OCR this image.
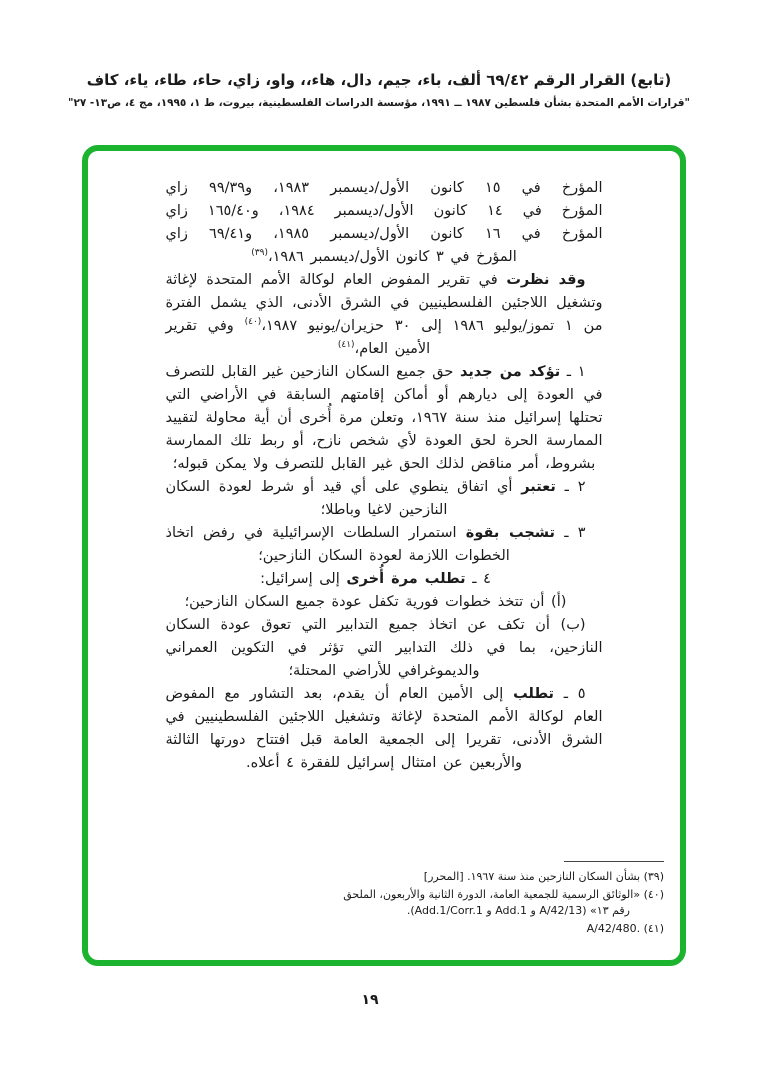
(تابع) القرار الرقم ٦٩/٤٢ ألف، باء، جيم، دال، هاء،، واو، زاي، حاء، طاء، ياء، كاف
"قرارات الأمم المتحدة بشأن فلسطين ١٩٨٧ ــ ١٩٩١، مؤسسة الدراسات الفلسطينية، بيروت، ط ١، ١٩٩٥، مج ٤، ص١٣- ٢٧"
المؤرخ في ١٥ كانون الأول/ديسمبر ١٩٨٣، و٩٩/٣٩ زاي
المؤرخ في ١٤ كانون الأول/ديسمبر ١٩٨٤، و١٦٥/٤٠ زاي
المؤرخ في ١٦ كانون الأول/ديسمبر ١٩٨٥، و٦٩/٤١ زاي
المؤرخ في ٣ كانون الأول/ديسمبر ١٩٨٦،$^{(٣٩)}$
وقد نظرت في تقرير المفوض العام لوكالة الأمم المتحدة لإغاثة وتشغيل اللاجئين الفلسطينيين في الشرق الأدنى، الذي يشمل الفترة من ١ تموز/يوليو ١٩٨٦ إلى ٣٠ حزيران/يونيو ١٩٨٧،$^{(٤٠)}$ وفي تقرير الأمين العام،$^{(٤١)}$
١ ـ تؤكد من جديد حق جميع السكان النازحين غير القابل للتصرف في العودة إلى ديارهم أو أماكن إقامتهم السابقة في الأراضي التي تحتلها إسرائيل منذ سنة ١٩٦٧، وتعلن مرة أُخرى أن أية محاولة لتقييد الممارسة الحرة لحق العودة لأي شخص نازح، أو ربط تلك الممارسة بشروط، أمر مناقض لذلك الحق غير القابل للتصرف ولا يمكن قبوله؛
٢ ـ تعتبر أي اتفاق ينطوي على أي قيد أو شرط لعودة السكان النازحين لاغيا وباطلا؛
٣ ـ تشجب بقوة استمرار السلطات الإسرائيلية في رفض اتخاذ الخطوات اللازمة لعودة السكان النازحين؛
٤ ـ تطلب مرة أُخرى إلى إسرائيل:
(أ) أن تتخذ خطوات فورية تكفل عودة جميع السكان النازحين؛
(ب) أن تكف عن اتخاذ جميع التدابير التي تعوق عودة السكان النازحين، بما في ذلك التدابير التي تؤثر في التكوين العمراني والديموغرافي للأراضي المحتلة؛
٥ ـ تطلب إلى الأمين العام أن يقدم، بعد التشاور مع المفوض العام لوكالة الأمم المتحدة لإغاثة وتشغيل اللاجئين الفلسطينيين في الشرق الأدنى، تقريرا إلى الجمعية العامة قبل افتتاح دورتها الثالثة والأربعين عن امتثال إسرائيل للفقرة ٤ أعلاه.
(٣٩) بشأن السكان النازحين منذ سنة ١٩٦٧. [المحرر]
(٤٠) «الوثائق الرسمية للجمعية العامة، الدورة الثانية والأربعون، الملحق رقم ١٣» (A/42/13 و Add.1 و Add.1/Corr.1).
(٤١) A/42/480.
١٩
